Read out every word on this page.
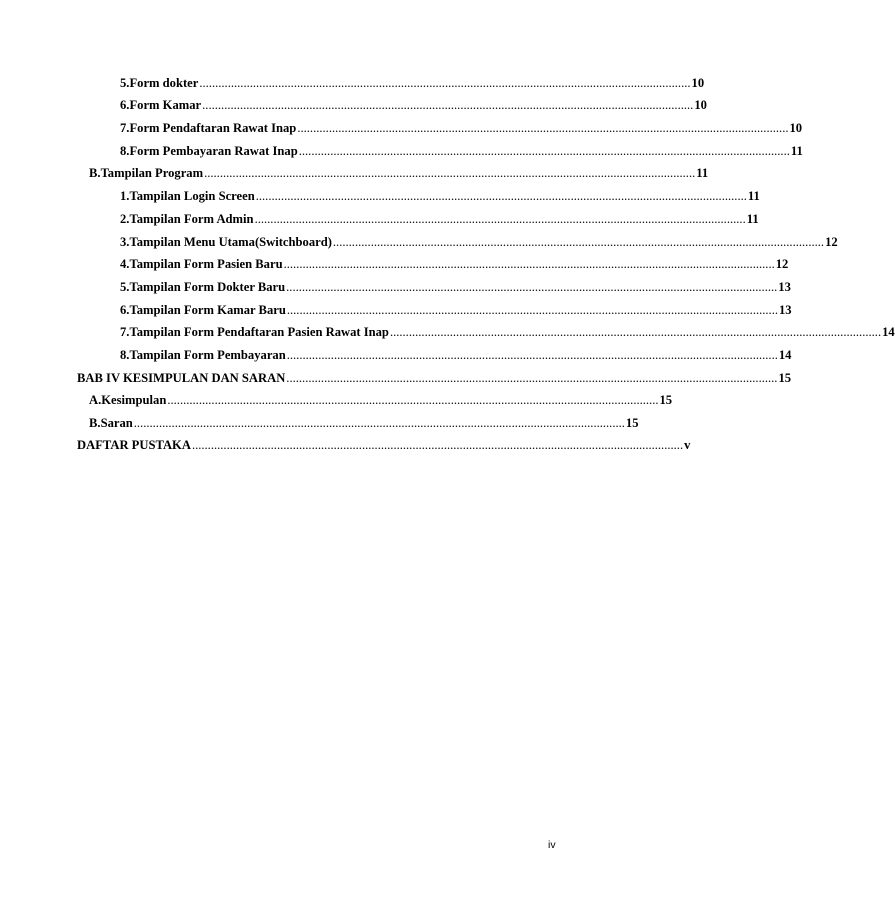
5. Form dokter ............................................................................................................................................................ 10
6. Form Kamar ............................................................................................................................................................ 10
7. Form Pendaftaran Rawat Inap ............................................................................................................................................................ 10
8. Form Pembayaran Rawat Inap ............................................................................................................................................................ 11
B. Tampilan Program ............................................................................................................................................................ 11
1. Tampilan Login Screen ............................................................................................................................................................ 11
2. Tampilan Form Admin ............................................................................................................................................................ 11
3. Tampilan Menu Utama(Switchboard) ............................................................................................................................................................ 12
4. Tampilan Form Pasien Baru ............................................................................................................................................................ 12
5. Tampilan Form Dokter Baru ............................................................................................................................................................ 13
6. Tampilan Form Kamar Baru ............................................................................................................................................................ 13
7. Tampilan Form Pendaftaran Pasien Rawat Inap ............................................................................................................................................................ 14
8. Tampilan Form Pembayaran ............................................................................................................................................................ 14
BAB IV KESIMPULAN DAN SARAN ............................................................................................................................................................ 15
A. Kesimpulan ............................................................................................................................................................ 15
B. Saran ............................................................................................................................................................ 15
DAFTAR PUSTAKA ............................................................................................................................................................ v
iv
